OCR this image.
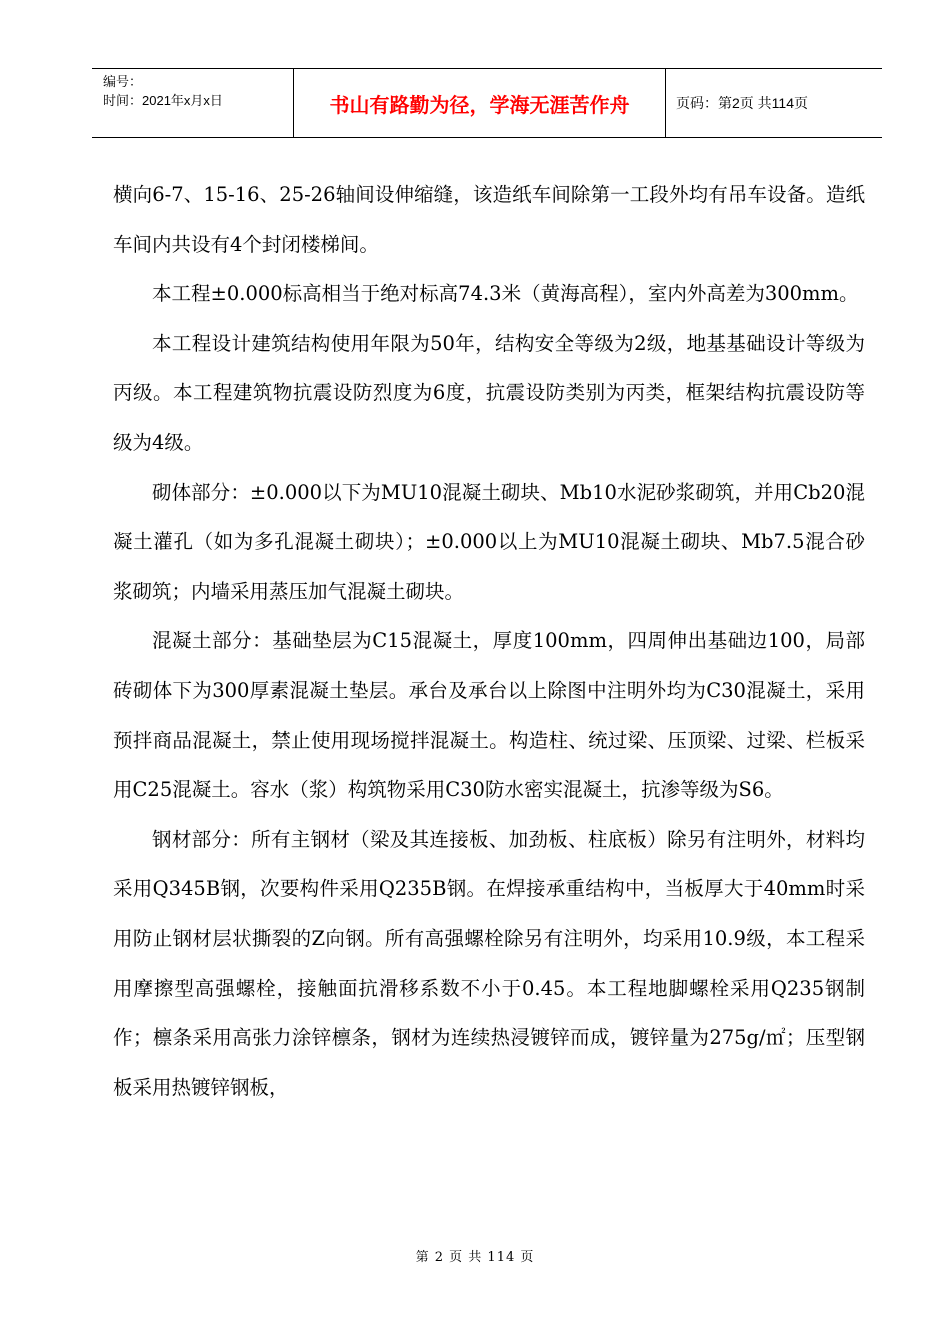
编号：
时间：2021年x月x日	书山有路勤为径，学海无涯苦作舟	页码：第2页 共114页

横向6-7、15-16、25-26轴间设伸缩缝，该造纸车间除第一工段外均有吊车设备。造纸车间内共设有4个封闭楼梯间。

本工程±0.000标高相当于绝对标高74.3米（黄海高程），室内外高差为300mm。

本工程设计建筑结构使用年限为50年，结构安全等级为2级，地基基础设计等级为丙级。本工程建筑物抗震设防烈度为6度，抗震设防类别为丙类，框架结构抗震设防等级为4级。

砌体部分：±0.000以下为MU10混凝土砌块、Mb10水泥砂浆砌筑，并用Cb20混凝土灌孔（如为多孔混凝土砌块）；±0.000以上为MU10混凝土砌块、Mb7.5混合砂浆砌筑；内墙采用蒸压加气混凝土砌块。

混凝土部分：基础垫层为C15混凝土，厚度100mm，四周伸出基础边100，局部砖砌体下为300厚素混凝土垫层。承台及承台以上除图中注明外均为C30混凝土，采用预拌商品混凝土，禁止使用现场搅拌混凝土。构造柱、统过梁、压顶梁、过梁、栏板采用C25混凝土。容水（浆）构筑物采用C30防水密实混凝土，抗渗等级为S6。

钢材部分：所有主钢材（梁及其连接板、加劲板、柱底板）除另有注明外，材料均采用Q345B钢，次要构件采用Q235B钢。在焊接承重结构中，当板厚大于40mm时采用防止钢材层状撕裂的Z向钢。所有高强螺栓除另有注明外，均采用10.9级，本工程采用摩擦型高强螺栓，接触面抗滑移系数不小于0.45。本工程地脚螺栓采用Q235钢制作；檩条采用高张力涂锌檩条，钢材为连续热浸镀锌而成，镀锌量为275g/㎡；压型钢板采用热镀锌钢板，

第 2 页 共 114 页
